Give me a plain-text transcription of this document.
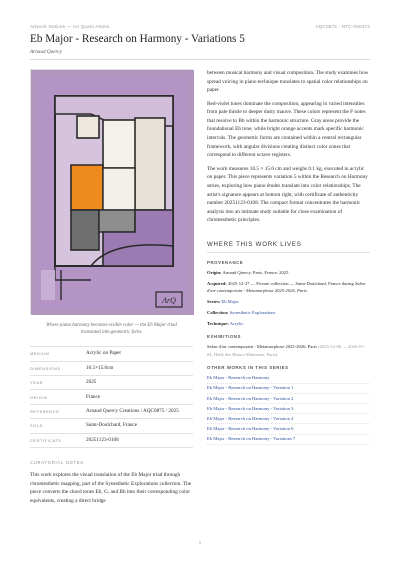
Artwork Notices — Art Quant Atomo	AQC0875 · NTC-000472
Eb Major - Research on Harmony - Variations 5
Arnaud Quercy
ArQ
Where piano harmony becomes visible color — the Eb Major triad translated into geometric form.
MEDIUM	Acrylic on Paper
DIMENSIONS	10.5×15.0cm
YEAR	2025
ORIGIN	France
REFERENCE	Arnaud Quercy Creations / AQC0875 / 2025
SOLD	Saint-Doulchard, France
CERTIFICATE	20251123-0108
CURATORIAL NOTES
This work explores the visual translation of the Eb Major triad through chromesthetic mapping, part of the Synesthetic Explorations collection. The piece converts the chord tones Eb, G, and Bb into their corresponding color equivalents, creating a direct bridge

between musical harmony and visual composition. The study examines how spread voicing in piano technique translates to spatial color relationships on paper.

Red-violet tones dominate the composition, appearing in varied intensities from pale thistle to deeper dusty mauve. These colors represent the F notes that resolve to Bb within the harmonic structure. Gray areas provide the foundational Eb tone, while bright orange accents mark specific harmonic intervals. The geometric forms are contained within a central rectangular framework, with angular divisions creating distinct color zones that correspond to different octave registers.

The work measures 10.5 × 15.0 cm and weighs 0.1 kg, executed in acrylic on paper. This piece represents variation 5 within the Research on Harmony series, exploring how piano études translate into color relationships. The artist's signature appears at bottom right, with certificate of authenticity number 20251123-0108. The compact format concentrates the harmonic analysis into an intimate study suitable for close examination of chromesthetic principles.

WHERE THIS WORK LIVES
PROVENANCE
Origin: Arnaud Quercy, Paris, France, 2025
Acquired: 2025-12-27 — Private collection — Saint-Doulchard, France during Salon d'art contemporain - Metamorphose 2025-2026, Paris
Series: Eb Major
Collection: Synesthetic Explorations
Technique: Acrylic
EXHIBITIONS
Salon d'art contemporain - Metamorphose 2025-2026, Paris (2025-12-06 → 2026-01-04, Halle des Blancs Manteaux, Paris)
OTHER WORKS IN THIS SERIES
Eb Major - Research on Harmony
Eb Major - Research on Harmony - Variation 1
Eb Major - Research on Harmony - Variation 2
Eb Major - Research on Harmony - Variation 3
Eb Major - Research on Harmony - Variation 4
Eb Major - Research on Harmony - Variation 6
Eb Major - Research on Harmony - Variations 7
1
